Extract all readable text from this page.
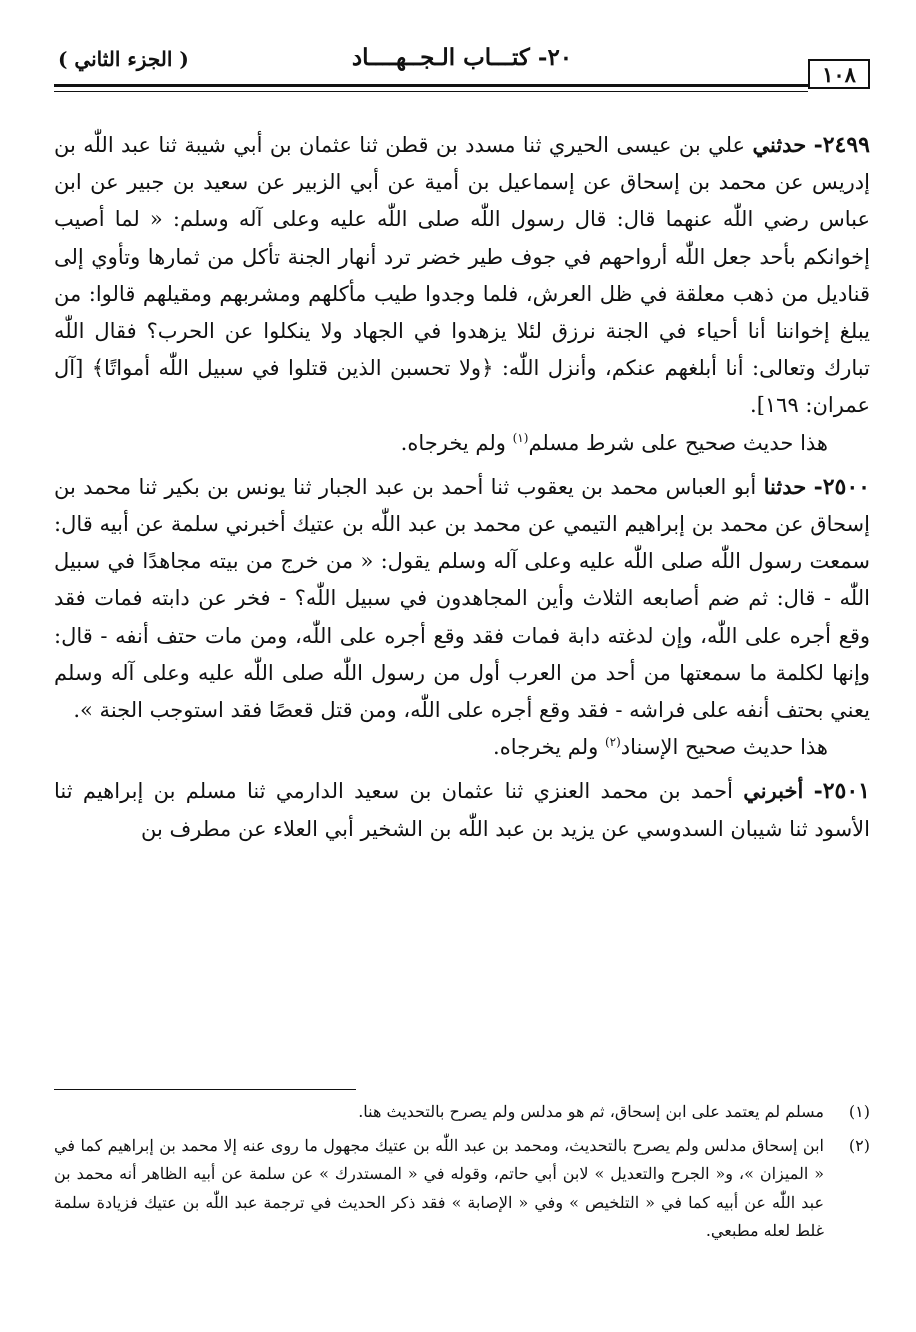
١٠٨
٢٠- كتـــاب الـجــهــــاد
( الجزء الثاني )

٢٤٩٩- حدثني علي بن عيسى الحيري ثنا مسدد بن قطن ثنا عثمان بن أبي شيبة ثنا عبد اللّٰه بن إدريس عن محمد بن إسحاق عن إسماعيل بن أمية عن أبي الزبير عن سعيد بن جبير عن ابن عباس رضي اللّٰه عنهما قال: قال رسول اللّٰه صلى اللّٰه عليه وعلى آله وسلم: « لما أصيب إخوانكم بأحد جعل اللّٰه أرواحهم في جوف طير خضر ترد أنهار الجنة تأكل من ثمارها وتأوي إلى قناديل من ذهب معلقة في ظل العرش، فلما وجدوا طيب مأكلهم ومشربهم ومقيلهم قالوا: من يبلغ إخواننا أنا أحياء في الجنة نرزق لئلا يزهدوا في الجهاد ولا ينكلوا عن الحرب؟ فقال اللّٰه تبارك وتعالى: أنا أبلغهم عنكم، وأنزل اللّٰه: ﴿ولا تحسبن الذين قتلوا في سبيل اللّٰه أمواتًا﴾ [آل عمران: ١٦٩].

هذا حديث صحيح على شرط مسلم$^{(١)}$ ولم يخرجاه.

٢٥٠٠- حدثنا أبو العباس محمد بن يعقوب ثنا أحمد بن عبد الجبار ثنا يونس بن بكير ثنا محمد بن إسحاق عن محمد بن إبراهيم التيمي عن محمد بن عبد اللّٰه بن عتيك أخبرني سلمة عن أبيه قال: سمعت رسول اللّٰه صلى اللّٰه عليه وعلى آله وسلم يقول: « من خرج من بيته مجاهدًا في سبيل اللّٰه - قال: ثم ضم أصابعه الثلاث وأين المجاهدون في سبيل اللّٰه؟ - فخر عن دابته فمات فقد وقع أجره على اللّٰه، وإن لدغته دابة فمات فقد وقع أجره على اللّٰه، ومن مات حتف أنفه - قال: وإنها لكلمة ما سمعتها من أحد من العرب أول من رسول اللّٰه صلى اللّٰه عليه وعلى آله وسلم يعني بحتف أنفه على فراشه - فقد وقع أجره على اللّٰه، ومن قتل قعصًا فقد استوجب الجنة ».

هذا حديث صحيح الإسناد$^{(٢)}$ ولم يخرجاه.

٢٥٠١- أخبرني أحمد بن محمد العنزي ثنا عثمان بن سعيد الدارمي ثنا مسلم بن إبراهيم ثنا الأسود ثنا شيبان السدوسي عن يزيد بن عبد اللّٰه بن الشخير أبي العلاء عن مطرف بن

(١)
مسلم لم يعتمد على ابن إسحاق، ثم هو مدلس ولم يصرح بالتحديث هنا.

(٢)
ابن إسحاق مدلس ولم يصرح بالتحديث، ومحمد بن عبد اللّٰه بن عتيك مجهول ما روى عنه إلا محمد بن إبراهيم كما في « الميزان »، و« الجرح والتعديل » لابن أبي حاتم، وقوله في « المستدرك » عن سلمة عن أبيه الظاهر أنه محمد بن عبد اللّٰه عن أبيه كما في « التلخيص » وفي « الإصابة » فقد ذكر الحديث في ترجمة عبد اللّٰه بن عتيك فزيادة سلمة غلط لعله مطبعي.
